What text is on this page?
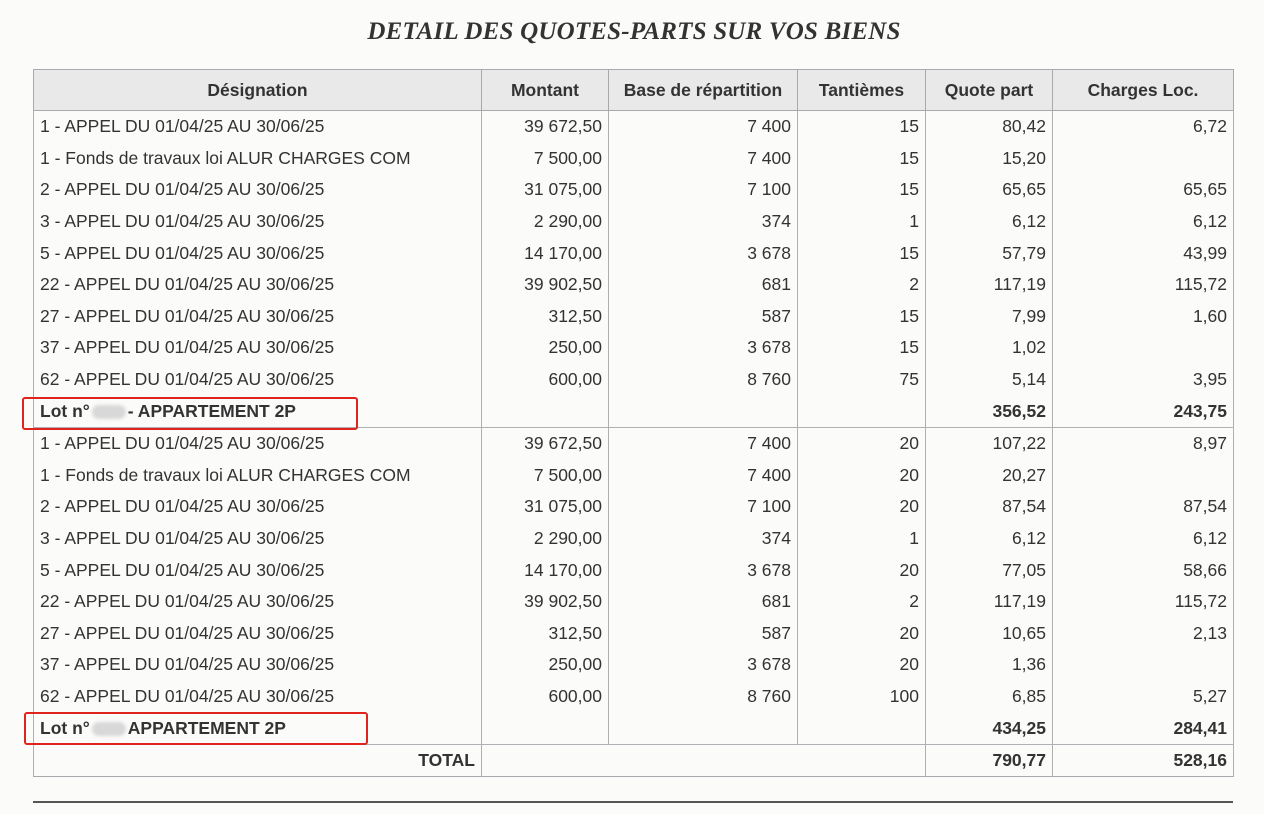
DETAIL DES QUOTES-PARTS SUR VOS BIENS
Désignation	Montant	Base de répartition	Tantièmes	Quote part	Charges Loc.
1 - APPEL DU 01/04/25 AU 30/06/25	39 672,50	7 400	15	80,42	6,72
1 - Fonds de travaux loi ALUR CHARGES COM	7 500,00	7 400	15	15,20	
2 - APPEL DU 01/04/25 AU 30/06/25	31 075,00	7 100	15	65,65	65,65
3 - APPEL DU 01/04/25 AU 30/06/25	2 290,00	374	1	6,12	6,12
5 - APPEL DU 01/04/25 AU 30/06/25	14 170,00	3 678	15	57,79	43,99
22 - APPEL DU 01/04/25 AU 30/06/25	39 902,50	681	2	117,19	115,72
27 - APPEL DU 01/04/25 AU 30/06/25	312,50	587	15	7,99	1,60
37 - APPEL DU 01/04/25 AU 30/06/25	250,00	3 678	15	1,02	
62 - APPEL DU 01/04/25 AU 30/06/25	600,00	8 760	75	5,14	3,95
Lot n° - APPARTEMENT 2P				356,52	243,75
1 - APPEL DU 01/04/25 AU 30/06/25	39 672,50	7 400	20	107,22	8,97
1 - Fonds de travaux loi ALUR CHARGES COM	7 500,00	7 400	20	20,27	
2 - APPEL DU 01/04/25 AU 30/06/25	31 075,00	7 100	20	87,54	87,54
3 - APPEL DU 01/04/25 AU 30/06/25	2 290,00	374	1	6,12	6,12
5 - APPEL DU 01/04/25 AU 30/06/25	14 170,00	3 678	20	77,05	58,66
22 - APPEL DU 01/04/25 AU 30/06/25	39 902,50	681	2	117,19	115,72
27 - APPEL DU 01/04/25 AU 30/06/25	312,50	587	20	10,65	2,13
37 - APPEL DU 01/04/25 AU 30/06/25	250,00	3 678	20	1,36	
62 - APPEL DU 01/04/25 AU 30/06/25	600,00	8 760	100	6,85	5,27
Lot n° APPARTEMENT 2P				434,25	284,41
TOTAL				790,77	528,16
